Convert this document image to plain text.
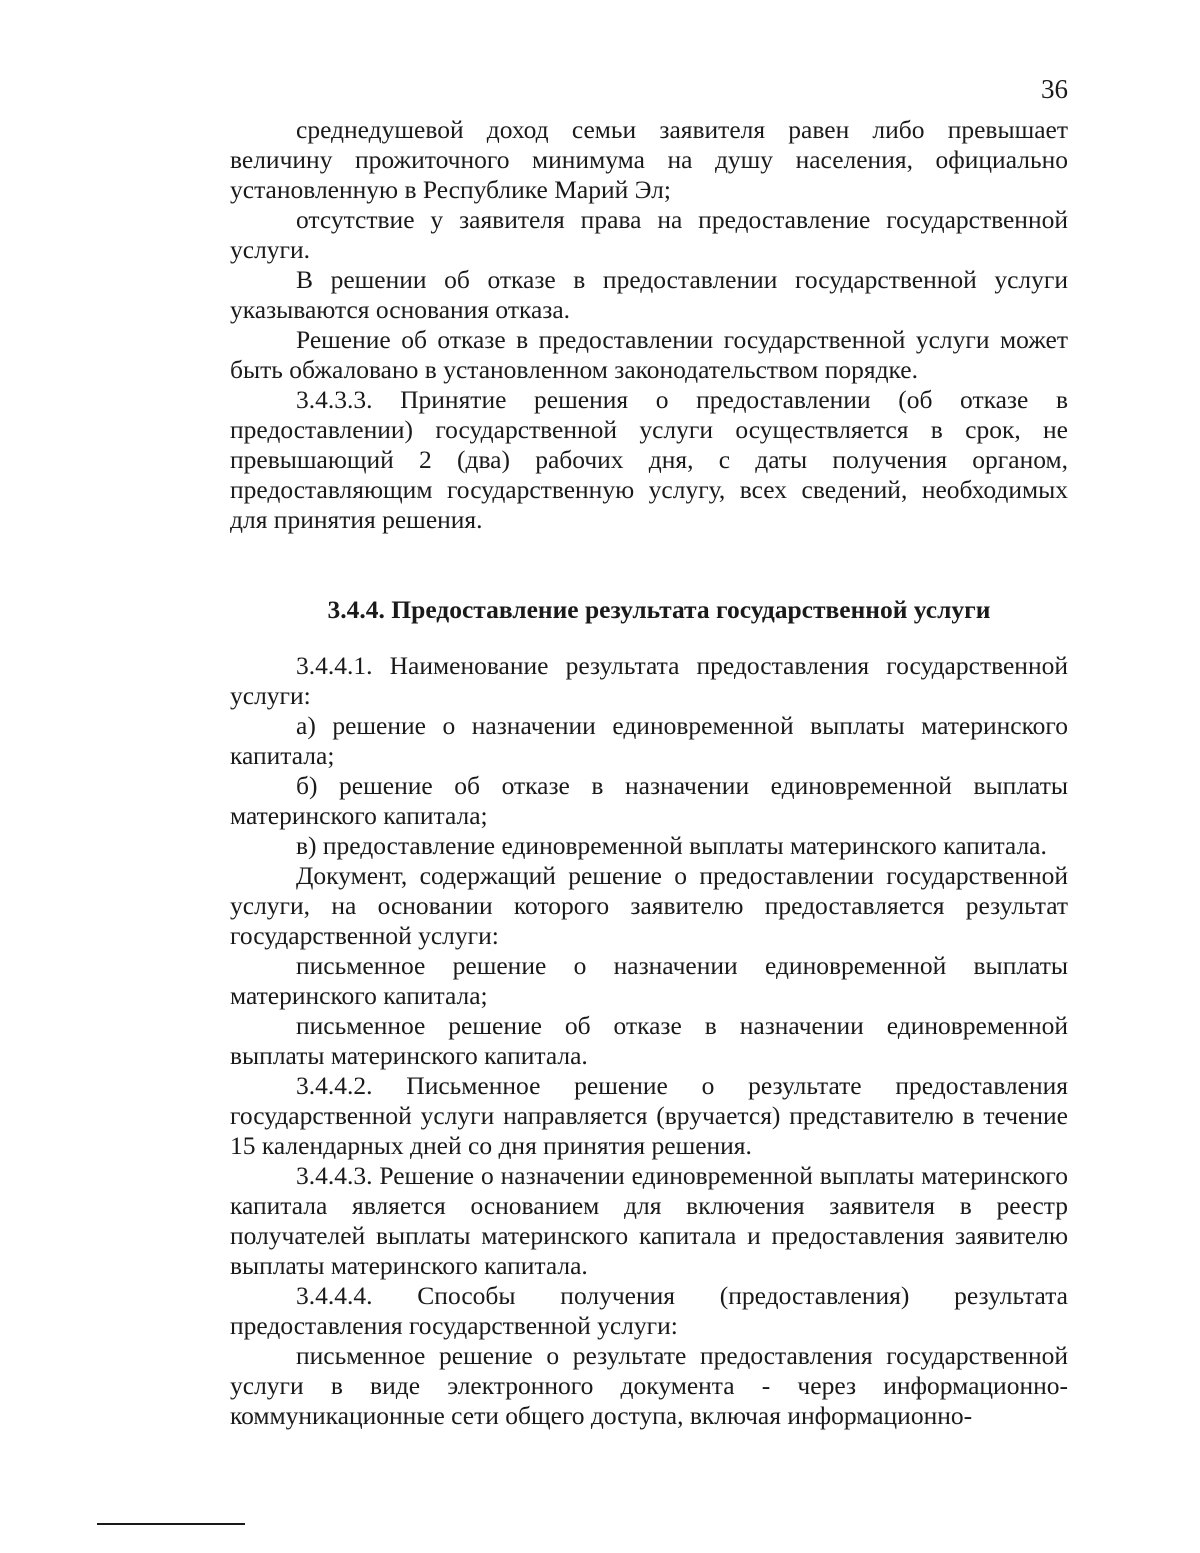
36

среднедушевой доход семьи заявителя равен либо превышает величину прожиточного минимума на душу населения, официально установленную в Республике Марий Эл;

отсутствие у заявителя права на предоставление государственной услуги.

В решении об отказе в предоставлении государственной услуги указываются основания отказа.

Решение об отказе в предоставлении государственной услуги может быть обжаловано в установленном законодательством порядке.

3.4.3.3. Принятие решения о предоставлении (об отказе в предоставлении) государственной услуги осуществляется в срок, не превышающий 2 (два) рабочих дня, с даты получения органом, предоставляющим государственную услугу, всех сведений, необходимых для принятия решения.

3.4.4. Предоставление результата государственной услуги

3.4.4.1. Наименование результата предоставления государственной услуги:

а) решение о назначении единовременной выплаты материнского капитала;

б) решение об отказе в назначении единовременной выплаты материнского капитала;

в) предоставление единовременной выплаты материнского капитала.

Документ, содержащий решение о предоставлении государственной услуги, на основании которого заявителю предоставляется результат государственной услуги:

письменное решение о назначении единовременной выплаты материнского капитала;

письменное решение об отказе в назначении единовременной выплаты материнского капитала.

3.4.4.2. Письменное решение о результате предоставления государственной услуги направляется (вручается) представителю в течение 15 календарных дней со дня принятия решения.

3.4.4.3. Решение о назначении единовременной выплаты материнского капитала является основанием для включения заявителя в реестр получателей выплаты материнского капитала и предоставления заявителю выплаты материнского капитала.

3.4.4.4. Способы получения (предоставления) результата предоставления государственной услуги:

письменное решение о результате предоставления государственной услуги в виде электронного документа - через информационно-коммуникационные сети общего доступа, включая информационно-
